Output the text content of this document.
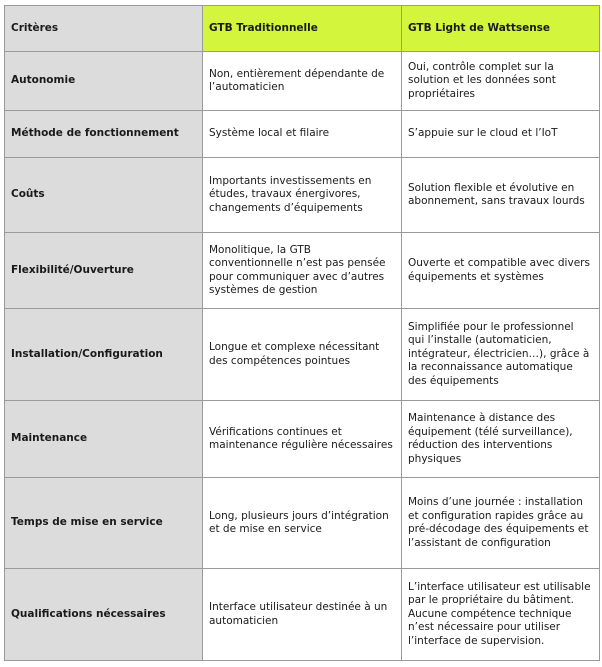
Critères	GTB Traditionnelle	GTB Light de Wattsense
Autonomie	Non, entièrement dépendante de l’automaticien	Oui, contrôle complet sur la solution et les données sont propriétaires
Méthode de fonctionnement	Système local et filaire	S’appuie sur le cloud et l’IoT
Coûts	Importants investissements en études, travaux énergivores, changements d’équipements	Solution flexible et évolutive en abonnement, sans travaux lourds
Flexibilité/Ouverture	Monolitique, la GTB conventionnelle n’est pas pensée pour communiquer avec d’autres systèmes de gestion	Ouverte et compatible avec divers équipements et systèmes
Installation/Configuration	Longue et complexe nécessitant des compétences pointues	Simplifiée pour le professionnel qui l’installe (automaticien, intégrateur, électricien…), grâce à la reconnaissance automatique des équipements
Maintenance	Vérifications continues et maintenance régulière nécessaires	Maintenance à distance des équipement (télé surveillance), réduction des interventions physiques
Temps de mise en service	Long, plusieurs jours d’intégration et de mise en service	Moins d’une journée : installation et configuration rapides grâce au pré-décodage des équipements et l’assistant de configuration
Qualifications nécessaires	Interface utilisateur destinée à un automaticien	L’interface utilisateur est utilisable par le propriétaire du bâtiment. Aucune compétence technique n’est nécessaire pour utiliser l’interface de supervision.
